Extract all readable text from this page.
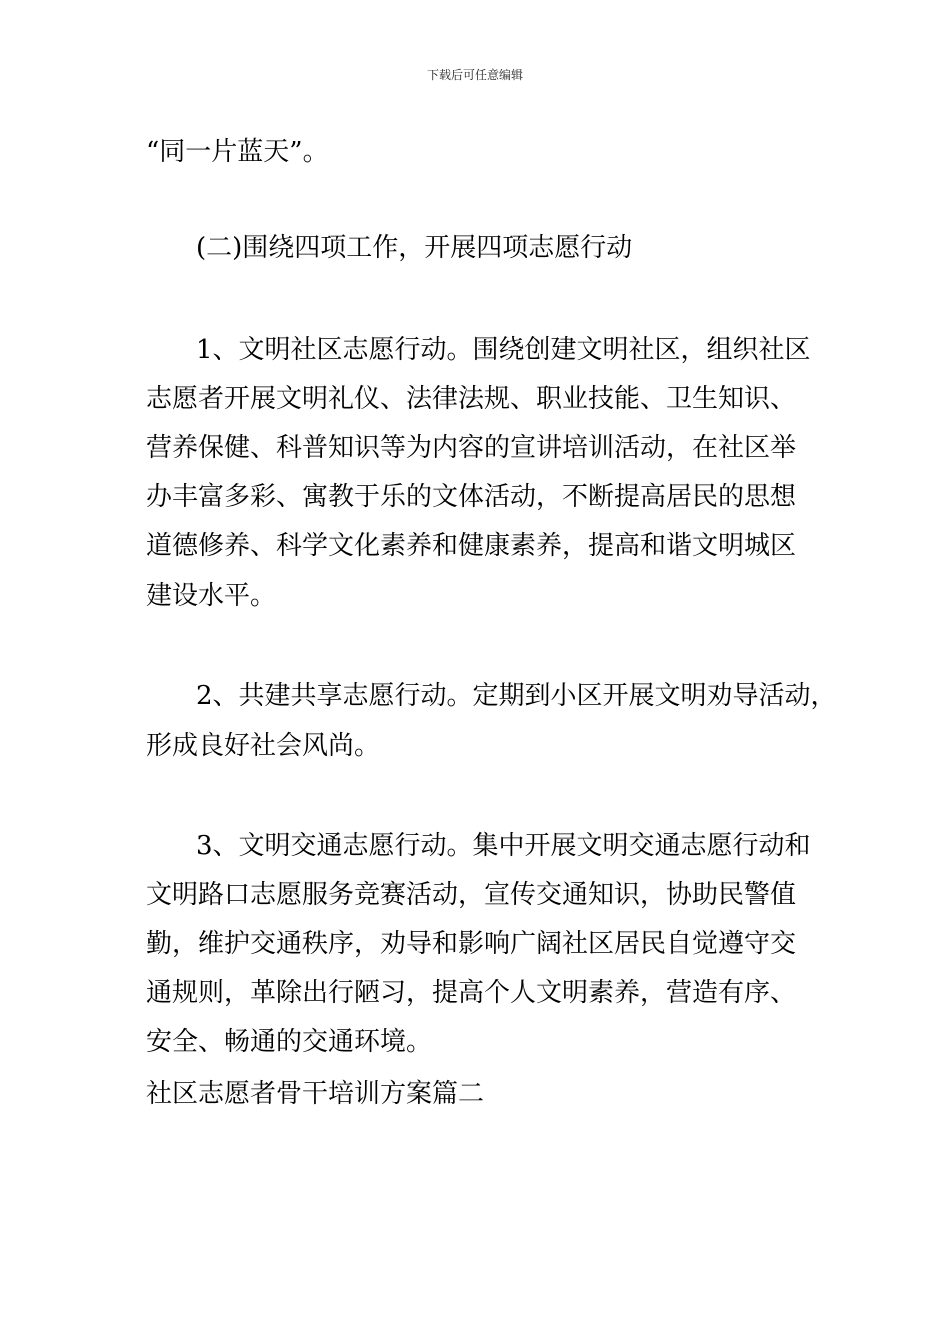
下载后可任意编辑
“同一片蓝天”。
(二)围绕四项工作，开展四项志愿行动
1、文明社区志愿行动。围绕创建文明社区，组织社区
志愿者开展文明礼仪、法律法规、职业技能、卫生知识、
营养保健、科普知识等为内容的宣讲培训活动，在社区举
办丰富多彩、寓教于乐的文体活动，不断提高居民的思想
道德修养、科学文化素养和健康素养，提高和谐文明城区
建设水平。
2、共建共享志愿行动。定期到小区开展文明劝导活动，
形成良好社会风尚。
3、文明交通志愿行动。集中开展文明交通志愿行动和
文明路口志愿服务竞赛活动，宣传交通知识，协助民警值
勤，维护交通秩序，劝导和影响广阔社区居民自觉遵守交
通规则，革除出行陋习，提高个人文明素养，营造有序、
安全、畅通的交通环境。
社区志愿者骨干培训方案篇二
